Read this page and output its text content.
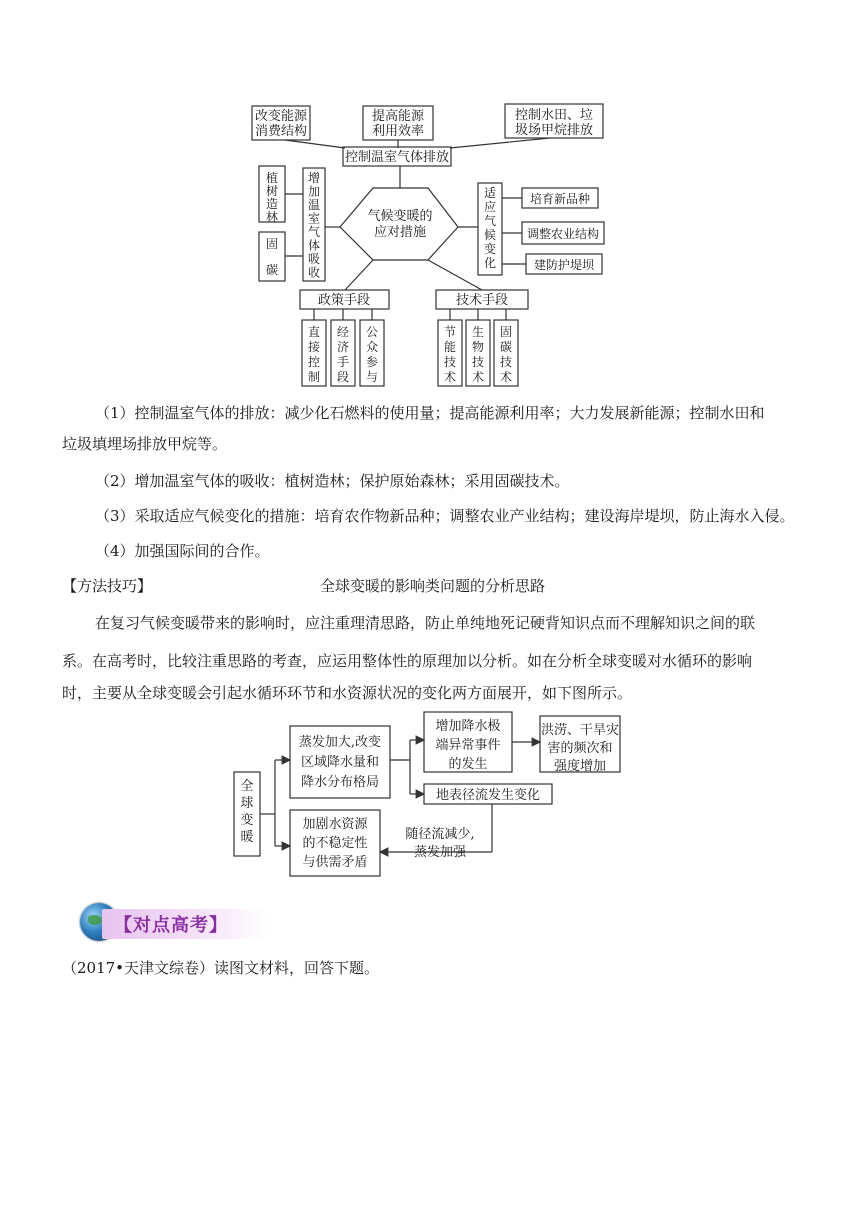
改变能源
消费结构
提高能源
利用效率
控制水田、垃
圾场甲烷排放
控制温室气体排放
增
加
温
室
气
体
吸
收
植
树
造
林
固
碳
气候变暖的
应对措施
适
应
气
候
变
化
培育新品种
调整农业结构
建防护堤坝
政策手段	技术手段
直
接
控
制
经
济
手
段
公
众
参
与
节
能
技
术
生
物
技
术
固
碳
技
术
（1）控制温室气体的排放：减少化石燃料的使用量；提高能源利用率；大力发展新能源；控制水田和
垃圾填埋场排放甲烷等。
（2）增加温室气体的吸收：植树造林；保护原始森林；采用固碳技术。
（3）采取适应气候变化的措施：培育农作物新品种；调整农业产业结构；建设海岸堤坝，防止海水入侵。
（4）加强国际间的合作。
【方法技巧】	全球变暖的影响类问题的分析思路
在复习气候变暖带来的影响时，应注重理清思路，防止单纯地死记硬背知识点而不理解知识之间的联
系。在高考时，比较注重思路的考查，应运用整体性的原理加以分析。如在分析全球变暖对水循环的影响
时，主要从全球变暖会引起水循环环节和水资源状况的变化两方面展开，如下图所示。
全
球
变
暖
蒸发加大,改变
区域降水量和
降水分布格局
增加降水极
端异常事件
的发生
洪涝、干旱灾
害的频次和
强度增加
地表径流发生变化
加剧水资源
的不稳定性
与供需矛盾
随径流减少,
蒸发加强
【对点高考】
（2017•天津文综卷）读图文材料，回答下题。
